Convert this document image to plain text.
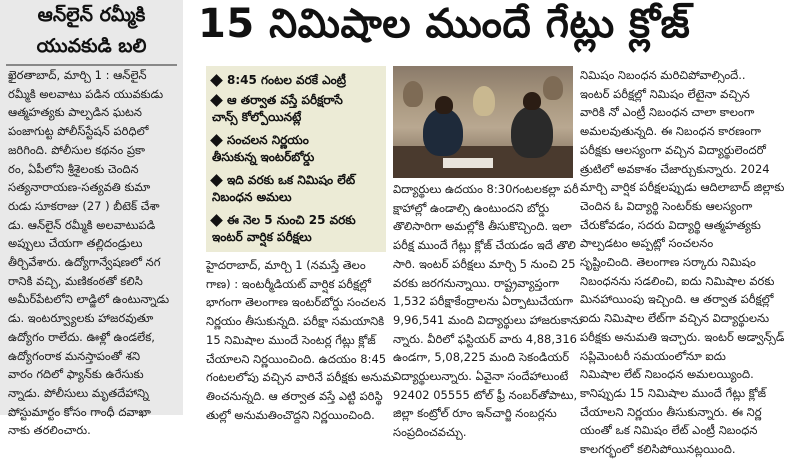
ఆన్‌లైన్ రమ్మీకి
యువకుడి బలి
ఖైరతాబాద్, మార్చి 1 : ఆన్‌లైన్
రమ్మీకి అలవాటు పడిన యువకుడు
ఆత్మహత్యకు పాల్పడిన ఘటన
పంజాగుట్ట పోలీస్‌స్టేషన్ పరిధిలో
జరిగింది. పోలీసుల కథనం ప్రకా
రం, ఏపీలోని శ్రీశైలంకు చెందిన
సత్యనారాయణ-సత్యవతి కుమా
రుడు సూకరాజు (27 ) బీటెక్ చేశా
డు. ఆన్‌లైన్ రమ్మీకి అలవాటుపడి
అప్పులు చేయగా తల్లిదండ్రులు
తీర్చివేశారు. ఉద్యోగాన్వేషణలో నగ
రానికి వచ్చి, మణికంఠతో కలిసి
అమీర్‌పేటలోని లాడ్జిలో ఉంటున్నాడు
డు. ఇంటర్వ్యూలకు హాజరవుతూ
ఉద్యోగం రాలేదు. ఊళ్లో ఉండలేక,
ఉద్యోగంరాక మనస్తాపంతో శని
వారం గదిలో ఫ్యాన్‌కు ఉరేసుకు
న్నాడు. పోలీసులు మృతదేహాన్ని
పోస్టుమార్టం కోసం గాంధీ దవాఖా
నాకు తరలించారు.
15 నిమిషాల ముందే గేట్లు క్లోజ్
8:45 గంటల వరకే ఎంట్రీ
ఆ తర్వాత వస్తే పరీక్షరాసే
చాన్స్ కోల్పోయినట్లే
సంచలన నిర్ణయం
తీసుకున్న ఇంటర్‌బోర్డు
ఇది వరకు ఒక నిమిషం లేట్
నిబంధన అమలు
ఈ నెల 5 నుంచి 25 వరకు
ఇంటర్ వార్షిక పరీక్షలు
హైదరాబాద్, మార్చి 1 (నమస్తే తెలం
గాణ) : ఇంటర్మీడియట్ వార్షిక పరీక్షల్లో
భాగంగా తెలంగాణ ఇంటర్‌బోర్డు సంచలన
నిర్ణయం తీసుకున్నది. పరీక్షా సమయానికి
15 నిమిషాల ముందే సెంటర్ల గేట్లు క్లోజ్
చేయాలని నిర్ణయించింది. ఉదయం 8:45
గంటలలోపు వచ్చిన వారినే పరీక్షకు అనుమ
తించనున్నది. ఆ తర్వాత వస్తే ఎట్టి పరిస్థి
తుల్లో అనుమతించొద్దని నిర్ణయించింది.
విద్యార్థులు ఉదయం 8:30గంటలకల్లా పరీ
క్షాహాల్లో ఉండాల్సి ఉంటుందని బోర్డు
తొలిసారిగా అమల్లోకి తీసుకొచ్చింది. ఇలా
పరీక్ష ముందే గేట్లు క్లోజ్ చేయడం ఇదే తొలి
సారి. ఇంటర్ పరీక్షలు మార్చి 5 నుంచి 25
వరకు జరగనున్నాయి. రాష్ట్రవ్యాప్తంగా
1,532 పరీక్షాకేంద్రాలను ఏర్పాటుచేయగా
9,96,541 మంది విద్యార్థులు హాజరుకాను
న్నారు. వీరిలో ఫస్టియర్ వారు 4,88,316
ఉండగా, 5,08,225 మంది సెకండియర్
విద్యార్థులున్నారు. ఏవైనా సందేహాలుంటే
92402 05555 టోల్ ఫ్రీ నంబర్‌తోపాటు,
జిల్లా కంట్రోల్ రూం ఇన్‌చార్జి నంబర్లను
సంప్రదించవచ్చు.
నిమిషం నిబంధన మరిచిపోవాల్సిందే..
ఇంటర్ పరీక్షల్లో నిమిషం లేటైనా వచ్చిన
వారికి నో ఎంట్రీ నిబంధన చాలా కాలంగా
అమలవుతున్నది. ఈ నిబంధన కారణంగా
పరీక్షకు ఆలస్యంగా వచ్చిన విద్యార్థులెందరో
త్రుటిలో అవకాశం చేజార్చుకున్నారు. 2024
మార్చి వార్షిక పరీక్షలప్పుడు ఆదిలాబాద్ జిల్లాకు
చెందిన ఓ విద్యార్థి సెంటర్‌కు ఆలస్యంగా
చేరుకోవడం, సదరు విద్యార్థి ఆత్మహత్యకు
పాల్పడటం అప్పట్లో సంచలనం
సృష్టించింది. తెలంగాణ సర్కారు నిమిషం
నిబంధనను సడలించి, ఐదు నిమిషాల వరకు
మినహాయింపు ఇచ్చింది. ఆ తర్వాత పరీక్షల్లో
ఐదు నిమిషాల లేట్‌గా వచ్చిన విద్యార్థులను
పరీక్షకు అనుమతి ఇచ్చారు. ఇంటర్ అడ్వాన్స్‌డ్
సప్లిమెంటరీ సమయంలోనూ ఐదు
నిమిషాల లేట్ నిబంధన అమలయ్యింది.
కానిప్పుడు 15 నిమిషాల ముందే గేట్లు క్లోజ్
చేయాలని నిర్ణయం తీసుకున్నారు. ఈ నిర్ణ
యంతో ఒక నిమిషం లేట్ ఎంట్రీ నిబంధన
కాలగర్భంలో కలిసిపోయినట్లయింది.
